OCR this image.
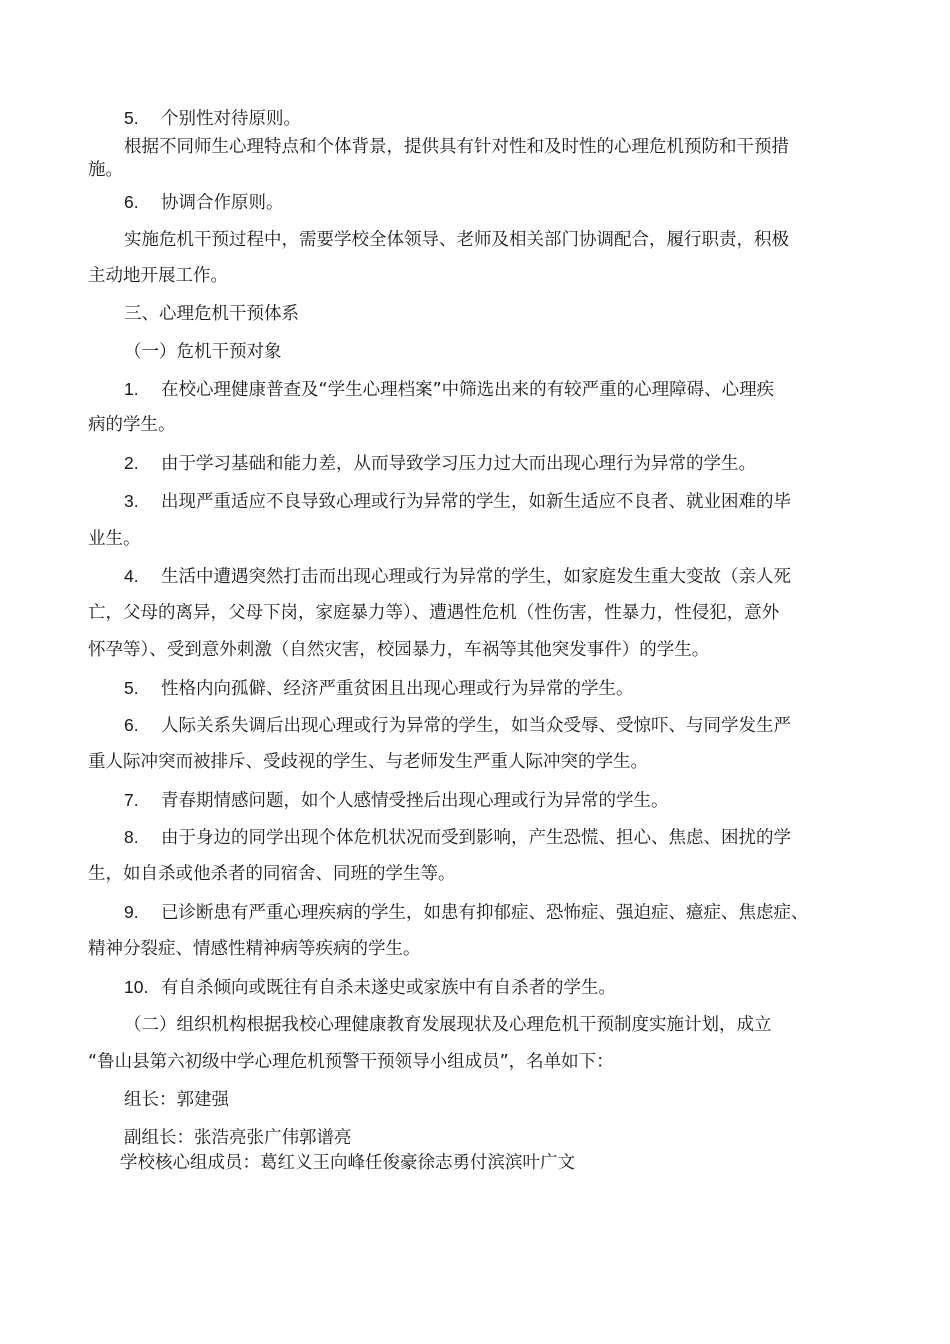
5. 个别性对待原则。
根据不同师生心理特点和个体背景，提供具有针对性和及时性的心理危机预防和干预措
施。
6. 协调合作原则。
实施危机干预过程中，需要学校全体领导、老师及相关部门协调配合，履行职责，积极
主动地开展工作。
三、心理危机干预体系
（一）危机干预对象
1. 在校心理健康普查及“学生心理档案”中筛选出来的有较严重的心理障碍、心理疾
病的学生。
2. 由于学习基础和能力差，从而导致学习压力过大而出现心理行为异常的学生。
3. 出现严重适应不良导致心理或行为异常的学生，如新生适应不良者、就业困难的毕
业生。
4. 生活中遭遇突然打击而出现心理或行为异常的学生，如家庭发生重大变故（亲人死
亡，父母的离异，父母下岗，家庭暴力等）、遭遇性危机（性伤害，性暴力，性侵犯，意外
怀孕等）、受到意外刺激（自然灾害，校园暴力，车祸等其他突发事件）的学生。
5. 性格内向孤僻、经济严重贫困且出现心理或行为异常的学生。
6. 人际关系失调后出现心理或行为异常的学生，如当众受辱、受惊吓、与同学发生严
重人际冲突而被排斥、受歧视的学生、与老师发生严重人际冲突的学生。
7. 青春期情感问题，如个人感情受挫后出现心理或行为异常的学生。
8. 由于身边的同学出现个体危机状况而受到影响，产生恐慌、担心、焦虑、困扰的学
生，如自杀或他杀者的同宿舍、同班的学生等。
9. 已诊断患有严重心理疾病的学生，如患有抑郁症、恐怖症、强迫症、癔症、焦虑症、
精神分裂症、情感性精神病等疾病的学生。
10. 有自杀倾向或既往有自杀未遂史或家族中有自杀者的学生。
（二）组织机构根据我校心理健康教育发展现状及心理危机干预制度实施计划，成立
“鲁山县第六初级中学心理危机预警干预领导小组成员”，名单如下：
组长：郭建强
副组长：张浩亮张广伟郭谱亮
学校核心组成员：葛红义王向峰任俊豪徐志勇付滨滨叶广文
